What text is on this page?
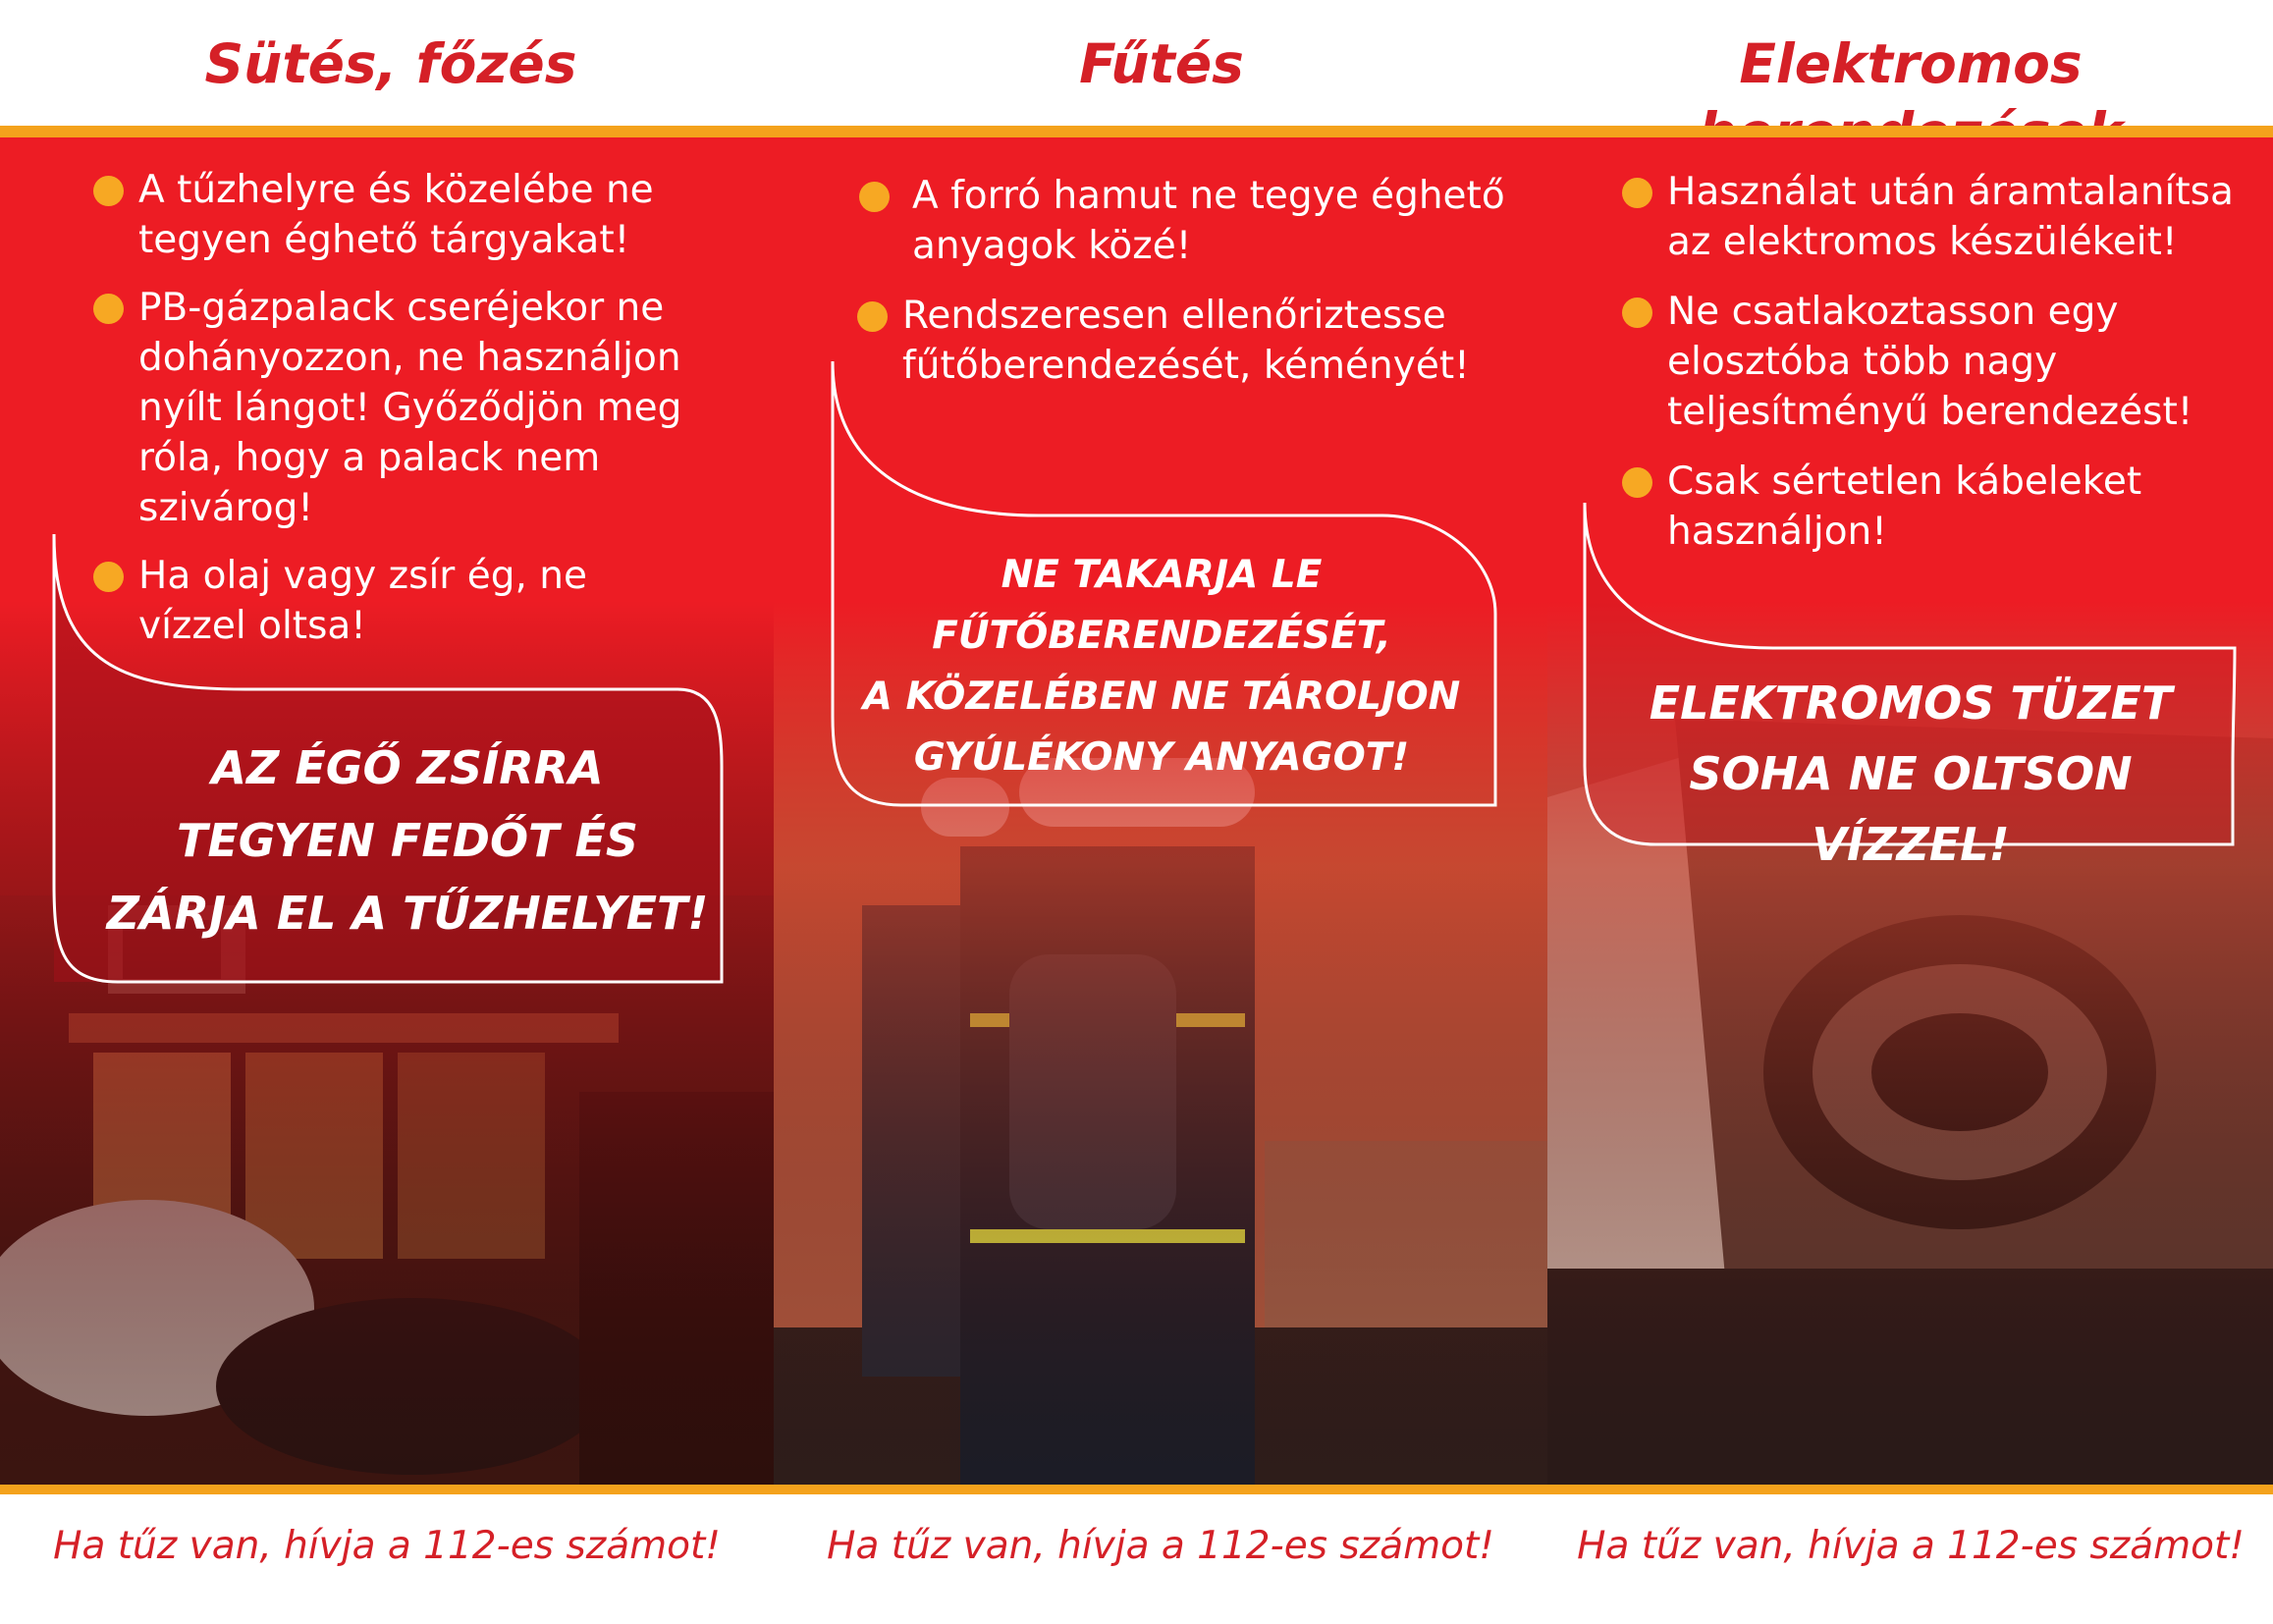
Sütés, főzés	Fűtés	Elektromos
A tűzhelyre és közelébe ne tegyen éghető tárgyakat!
PB-gázpalack cseréjekor ne dohányozzon, ne használjon nyílt lángot! Győződjön meg róla, hogy a palack nem szivárog!
Ha olaj vagy zsír ég, ne vízzel oltsa!
AZ ÉGŐ ZSÍRRA
TEGYEN FEDŐT ÉS
ZÁRJA EL A TŰZHELYET!
A forró hamut ne tegye éghető anyagok közé!
Rendszeresen ellenőriztesse fűtőberendezését, kéményét!
NE TAKARJA LE
FŰTŐBERENDEZÉSÉT,
A KÖZELÉBEN NE TÁROLJON
GYÚLÉKONY ANYAGOT!
Használat után áramtalanítsa az elektromos készülékeit!
Ne csatlakoztasson egy elosztóba több nagy teljesítményű berendezést!
Csak sértetlen kábeleket használjon!
ELEKTROMOS TÜZET
SOHA NE OLTSON VÍZZEL!
Ha tűz van, hívja a 112-es számot!	Ha tűz van, hívja a 112-es számot!	Ha tűz van, hívja a 112-es számot!
